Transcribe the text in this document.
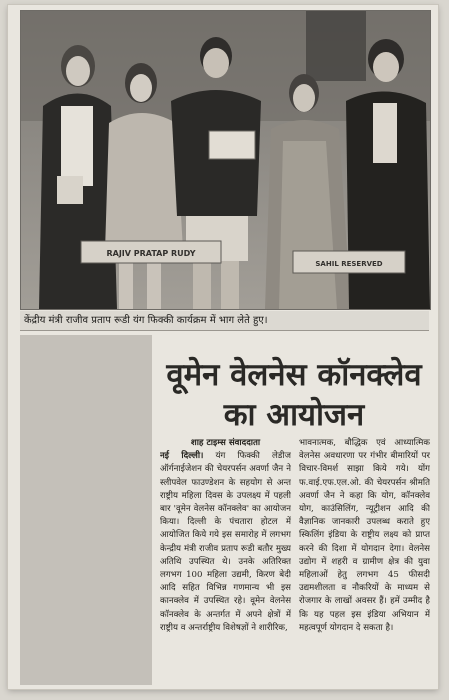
RAJIV PRATAP RUDY
SAHIL RESERVED
केंद्रीय मंत्री राजीव प्रताप रूडी यंग फिक्की कार्यक्रम में भाग लेते हुए।
वूमेन वेलनेस कॉनक्लेव
का आयोजन
शाह टाइम्स संवाददाता

नई दिल्ली। यंग फिक्की लेडीज ऑर्गनाईजेशन की चेयरपर्सन अवर्णा जैन ने स्लीपवेल फाउण्डेशन के सहयोग से अन्त राष्ट्रीय महिला दिवस के उपलक्ष्य में पहली बार 'वूमेन वेलनेस कॉनक्लेव' का आयोजन किया। दिल्ली के पंचतारा होटल में आयोजित किये गये इस समारोह में लगभग केन्द्रीय मंत्री राजीव प्रताप रूडी बतौर मुख्य अतिथि उपस्थित थे। उनके अतिरिक्त लगभग 100 महिला उद्यमी, किरण बेदी आदि सहित विभिन्न गणमान्य भी इस कानक्लेव में उपस्थित रहे। वूमेन वेलनेस कॉनक्लेव के अन्तर्गत में अपने क्षेत्रों में राष्ट्रीय व अन्तर्राष्ट्रीय विशेषज्ञों ने शारीरिक,

भावनात्मक, बौद्धिक एवं आध्यात्मिक वेलनेस अवधारणा पर गंभीर बीमारियों पर विचार-विमर्श साझा किये गये। योंग फ.वाई.एफ.एल.ओ. की चेयरपर्सन श्रीमति अवर्णा जैन ने कहा कि योग, कॉनक्लेव योग, काउंसिलिंग, न्यूट्रीशन आदि की वैज्ञानिक जानकारी उपलब्ध कराते हुए स्किलिंग इंडिया के राष्ट्रीय लक्ष्य को प्राप्त करने की दिशा में योगदान देगा। वेलनेस उद्योग में शहरी व ग्रामीण क्षेत्र की युवा महिलाओं हेतु लगभग 45 फीसदी उद्यमशीलता व नौकरियों के माध्यम से रोजगार के लाखों अवसर हैं। हमें उम्मीद है कि यह पहल इस इंडिया अभियान में महत्वपूर्ण योगदान दे सकता है।
